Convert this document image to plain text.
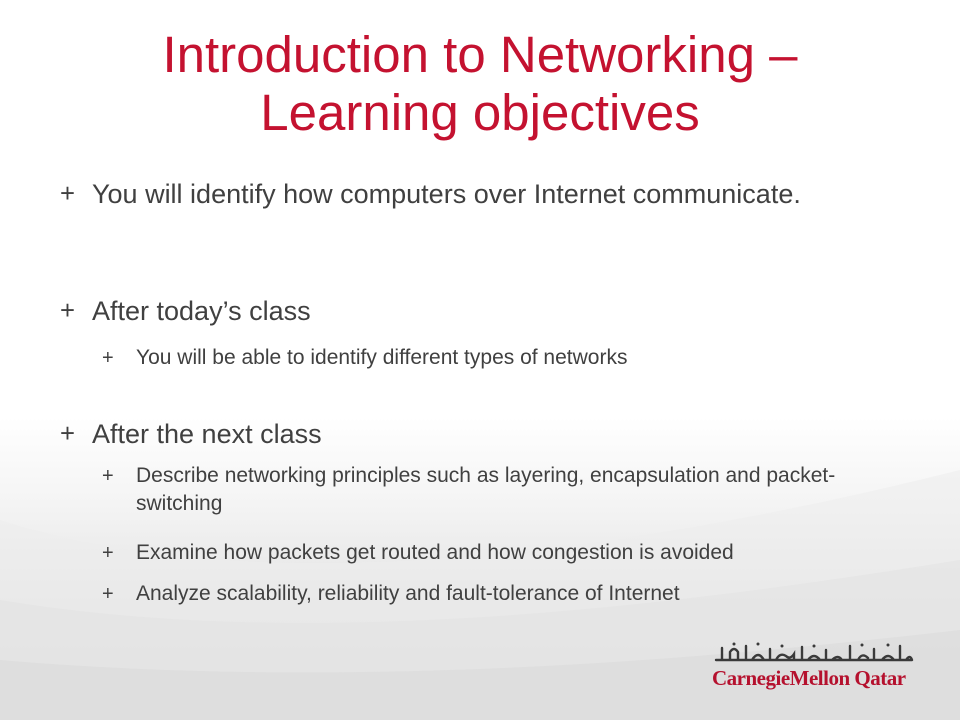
Introduction to Networking – Learning objectives
+ You will identify how computers over Internet communicate.
+ After today’s class
+	You will be able to identify different types of networks
+ After the next class
+	Describe networking principles such as layering, encapsulation and packet-switching
+	Examine how packets get routed and how congestion is avoided
+	Analyze scalability, reliability and fault-tolerance of Internet
CarnegieMellon Qatar
